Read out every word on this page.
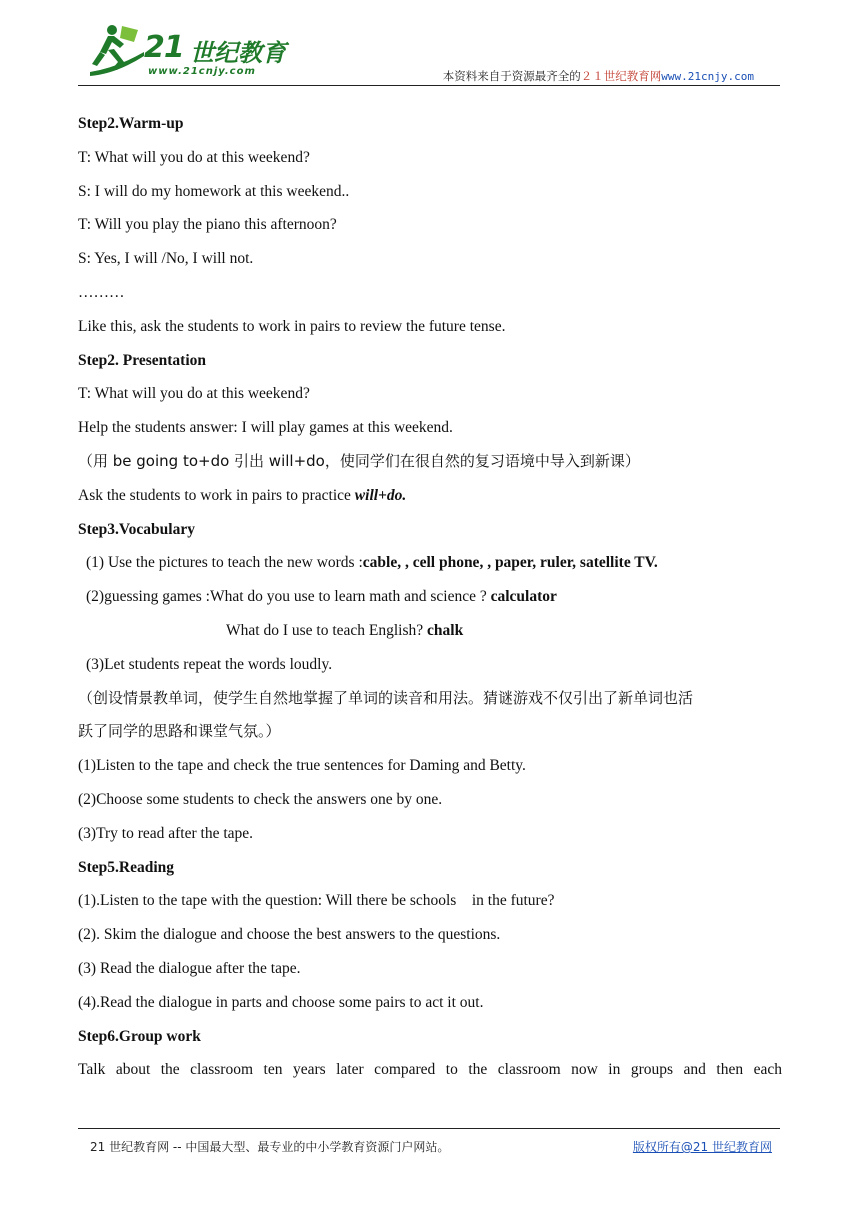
21 世纪教育
www.21cnjy.com	本资料来自于资源最齐全的２１世纪教育网www.21cnjy.com
Step2.Warm-up
T: What will you do at this weekend?
S: I will do my homework at this weekend..
T: Will you play the piano this afternoon?
S: Yes, I will /No, I will not.
………
Like this, ask the students to work in pairs to review the future tense.
Step2. Presentation
T: What will you do at this weekend?
Help the students answer: I will play games at this weekend.
（用 be going to+do 引出 will+do，使同学们在很自然的复习语境中导入到新课）
Ask the students to work in pairs to practice will+do.
Step3.Vocabulary
(1) Use the pictures to teach the new words :cable, , cell phone, , paper, ruler, satellite TV.
(2)guessing games :What do you use to learn math and science ? calculator
What do I use to teach English? chalk
(3)Let students repeat the words loudly.
（创设情景教单词，使学生自然地掌握了单词的读音和用法。猜谜游戏不仅引出了新单词也活
跃了同学的思路和课堂气氛。）
(1)Listen to the tape and check the true sentences for Daming and Betty.
(2)Choose some students to check the answers one by one.
(3)Try to read after the tape.
Step5.Reading
(1).Listen to the tape with the question: Will there be schools    in the future?
(2). Skim the dialogue and choose the best answers to the questions.
(3) Read the dialogue after the tape.
(4).Read the dialogue in parts and choose some pairs to act it out.
Step6.Group work
Talk about the classroom ten years later compared to the classroom now in groups and then each
21 世纪教育网 -- 中国最大型、最专业的中小学教育资源门户网站。	版权所有@21 世纪教育网
